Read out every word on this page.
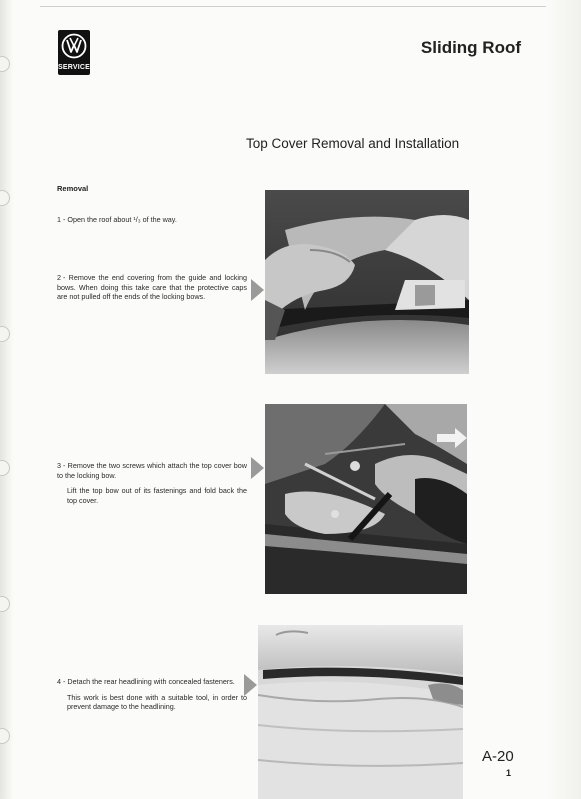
SERVICE
Sliding Roof
Top Cover Removal and Installation
Removal
1 - Open the roof about ¹/₃ of the way.
2 - Remove the end covering from the guide and locking bows. When doing this take care that the protective caps are not pulled off the ends of the locking bows.

3 - Remove the two screws which attach the top cover bow to the locking bow.

Lift the top bow out of its fastenings and fold back the top cover.

4 - Detach the rear headlining with concealed fasteners.

This work is best done with a suitable tool, in order to prevent damage to the headlining.

A-20
1
